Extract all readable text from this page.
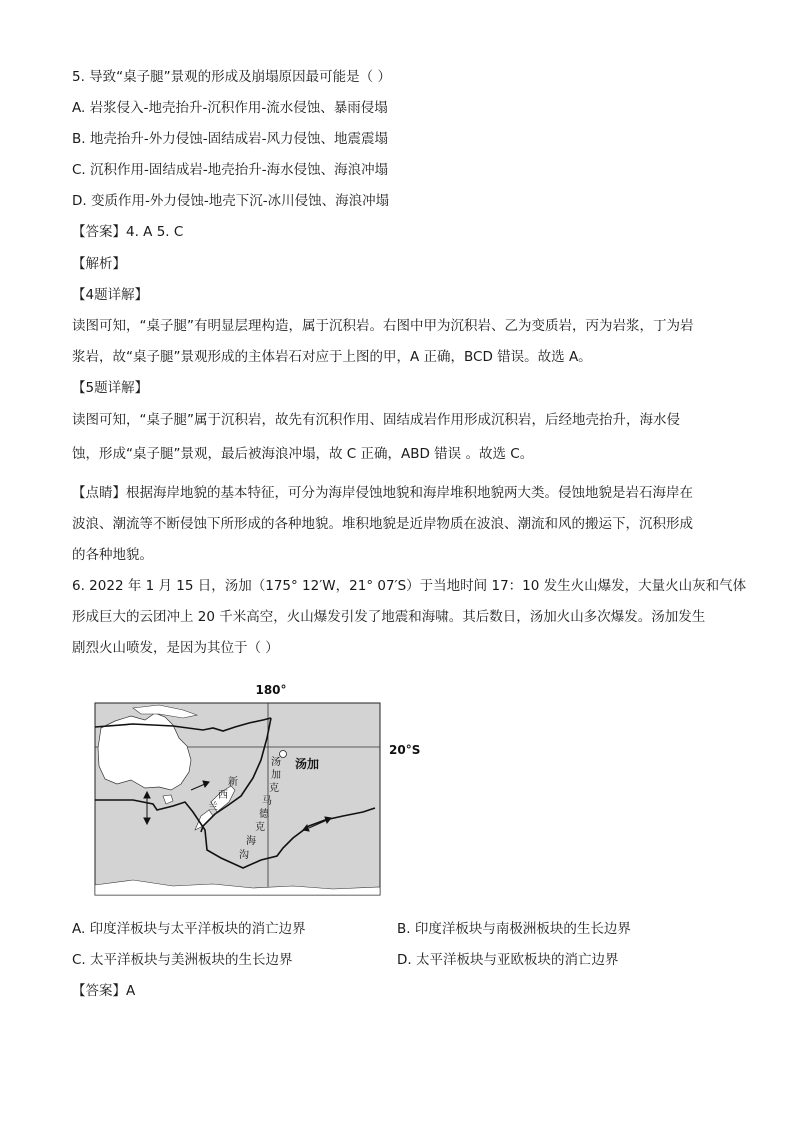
5. 导致“桌子腿”景观的形成及崩塌原因最可能是（ ）
A. 岩浆侵入-地壳抬升-沉积作用-流水侵蚀、暴雨侵塌
B. 地壳抬升-外力侵蚀-固结成岩-风力侵蚀、地震震塌
C. 沉积作用-固结成岩-地壳抬升-海水侵蚀、海浪冲塌
D. 变质作用-外力侵蚀-地壳下沉-冰川侵蚀、海浪冲塌
【答案】4. A 5. C
【解析】
【4题详解】
读图可知，“桌子腿”有明显层理构造，属于沉积岩。右图中甲为沉积岩、乙为变质岩，丙为岩浆，丁为岩
浆岩，故“桌子腿”景观形成的主体岩石对应于上图的甲，A 正确，BCD 错误。故选 A。
【5题详解】
读图可知，“桌子腿”属于沉积岩，故先有沉积作用、固结成岩作用形成沉积岩，后经地壳抬升，海水侵
蚀，形成“桌子腿”景观，最后被海浪冲塌，故 C 正确，ABD 错误 。故选 C。
【点睛】根据海岸地貌的基本特征，可分为海岸侵蚀地貌和海岸堆积地貌两大类。侵蚀地貌是岩石海岸在
波浪、潮流等不断侵蚀下所形成的各种地貌。堆积地貌是近岸物质在波浪、潮流和风的搬运下，沉积形成
的各种地貌。
6. 2022 年 1 月 15 日，汤加（175° 12′W，21° 07′S）于当地时间 17：10 发生火山爆发，大量火山灰和气体
形成巨大的云团冲上 20 千米高空，火山爆发引发了地震和海啸。其后数日，汤加火山多次爆发。汤加发生
剧烈火山喷发，是因为其位于（ ）
180°
20°S
汤加
新
西
兰
汤
加
克
马
德
克
海
沟
A. 印度洋板块与太平洋板块的消亡边界	B. 印度洋板块与南极洲板块的生长边界
C. 太平洋板块与美洲板块的生长边界	D. 太平洋板块与亚欧板块的消亡边界
【答案】A
